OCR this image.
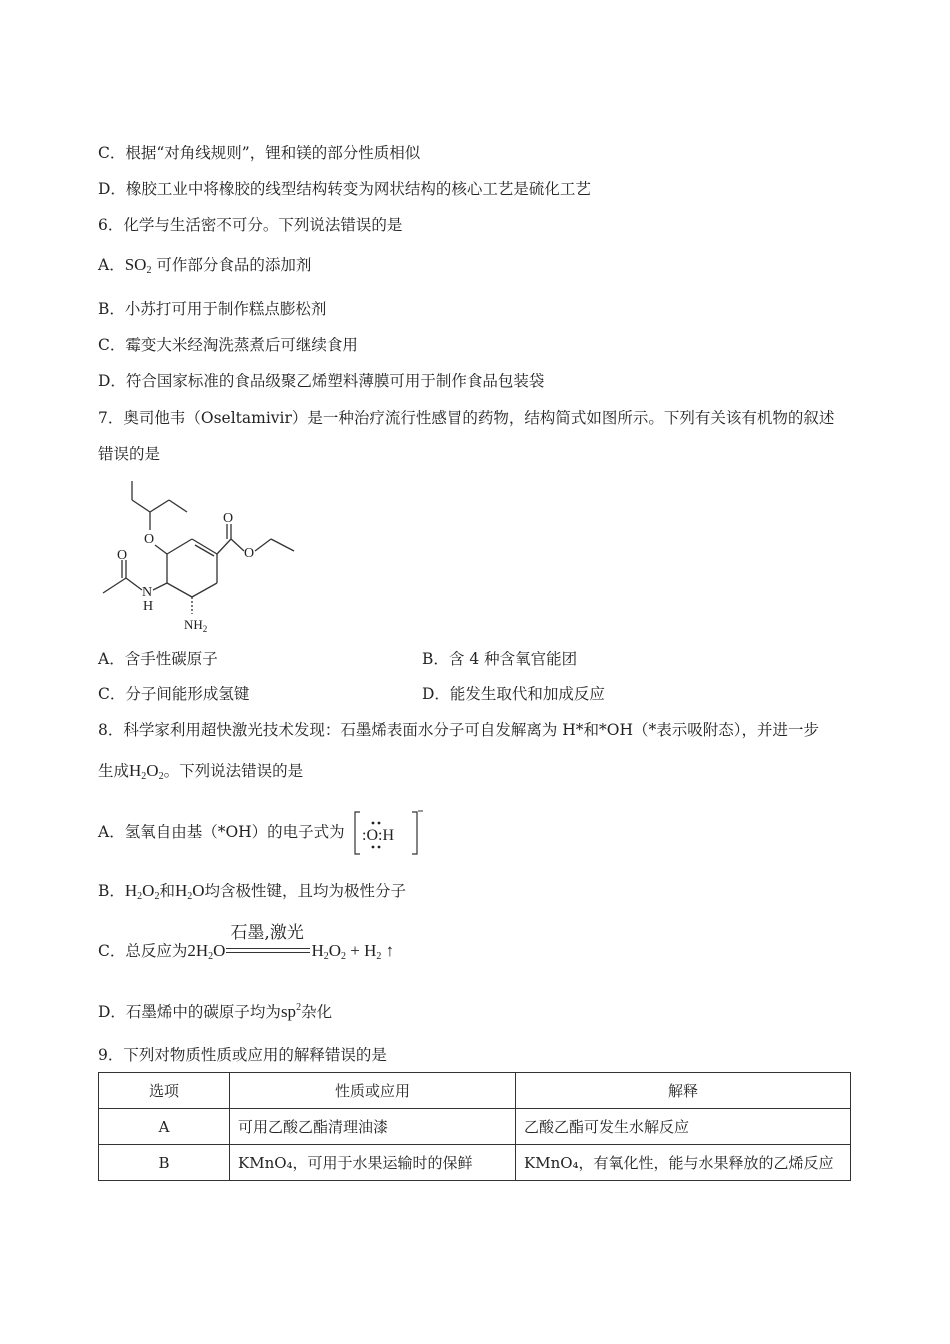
C．根据“对角线规则”，锂和镁的部分性质相似
D．橡胶工业中将橡胶的线型结构转变为网状结构的核心工艺是硫化工艺
6．化学与生活密不可分。下列说法错误的是
A．$SO_2$ 可作部分食品的添加剂
B．小苏打可用于制作糕点膨松剂
C．霉变大米经淘洗蒸煮后可继续食用
D．符合国家标准的食品级聚乙烯塑料薄膜可用于制作食品包装袋
7．奥司他韦（Oseltamivir）是一种治疗流行性感冒的药物，结构简式如图所示。下列有关该有机物的叙述
错误的是
O
O
O
O
N
H
$NH_2$
A．含手性碳原子	B．含 4 种含氧官能团
C．分子间能形成氢键	D．能发生取代和加成反应
8．科学家利用超快激光技术发现：石墨烯表面水分子可自发解离为 H*和*OH（*表示吸附态），并进一步
生成$H_2O_2$。下列说法错误的是
A．氢氧自由基（*OH）的电子式为 :O:H
B．$H_2O_2$和$H_2O$均含极性键，且均为极性分子
C．总反应为$2H_2O$
石墨,激光
$H_2O_2 + H_2$ ↑
D．石墨烯中的碳原子均为$sp^2$杂化
9．下列对物质性质或应用的解释错误的是
选项	性质或应用	解释
A	可用乙酸乙酯清理油漆	乙酸乙酯可发生水解反应
B	KMnO₄，可用于水果运输时的保鲜	KMnO₄，有氧化性，能与水果释放的乙烯反应
